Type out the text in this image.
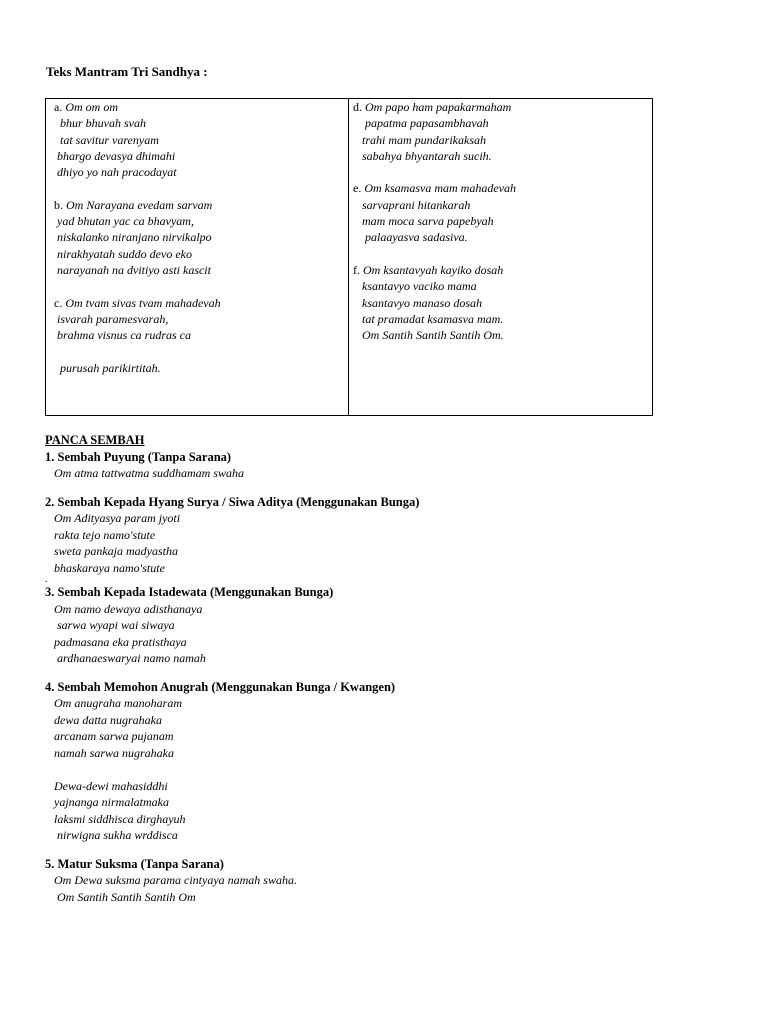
Teks Mantram Tri Sandhya :
a. Om om om
bhur bhuvah svah
tat savitur varenyam
bhargo devasya dhimahi
dhiyo yo nah pracodayat
b. Om Narayana evedam sarvam
yad bhutan yac ca bhavyam,
niskalanko niranjano nirvikalpo
nirakhyatah suddo devo eko
narayanah na dvitiyo asti kascit
c. Om tvam sivas tvam mahadevah
isvarah paramesvarah,
brahma visnus ca rudras ca

purusah parikirtitah.
d. Om papo ham papakarmaham
papatma papasambhavah
trahi mam pundarikaksah
sabahya bhyantarah sucih.
e. Om ksamasva mam mahadevah
sarvaprani hitankarah
mam moca sarva papebyah
palaayasva sadasiva.
f. Om ksantavyah kayiko dosah
ksantavyo vaciko mama
ksantavyo manaso dosah
tat pramadat ksamasva mam.
Om Santih Santih Santih Om.
PANCA SEMBAH
1. Sembah Puyung (Tanpa Sarana)
Om atma tattwatma suddhamam swaha
2. Sembah Kepada Hyang Surya / Siwa Aditya (Menggunakan Bunga)
Om Adityasya param jyoti
rakta tejo namo'stute
sweta pankaja madyastha
bhaskaraya namo'stute
.
3. Sembah Kepada Istadewata (Menggunakan Bunga)
Om namo dewaya adisthanaya
sarwa wyapi wai siwaya
padmasana eka pratisthaya
ardhanaeswaryai namo namah
4. Sembah Memohon Anugrah (Menggunakan Bunga / Kwangen)
Om anugraha manoharam
dewa datta nugrahaka
arcanam sarwa pujanam
namah sarwa nugrahaka

Dewa-dewi mahasiddhi
yajnanga nirmalatmaka
laksmi siddhisca dirghayuh
nirwigna sukha wrddisca
5. Matur Suksma (Tanpa Sarana)
Om Dewa suksma parama cintyaya namah swaha.
Om Santih Santih Santih Om
